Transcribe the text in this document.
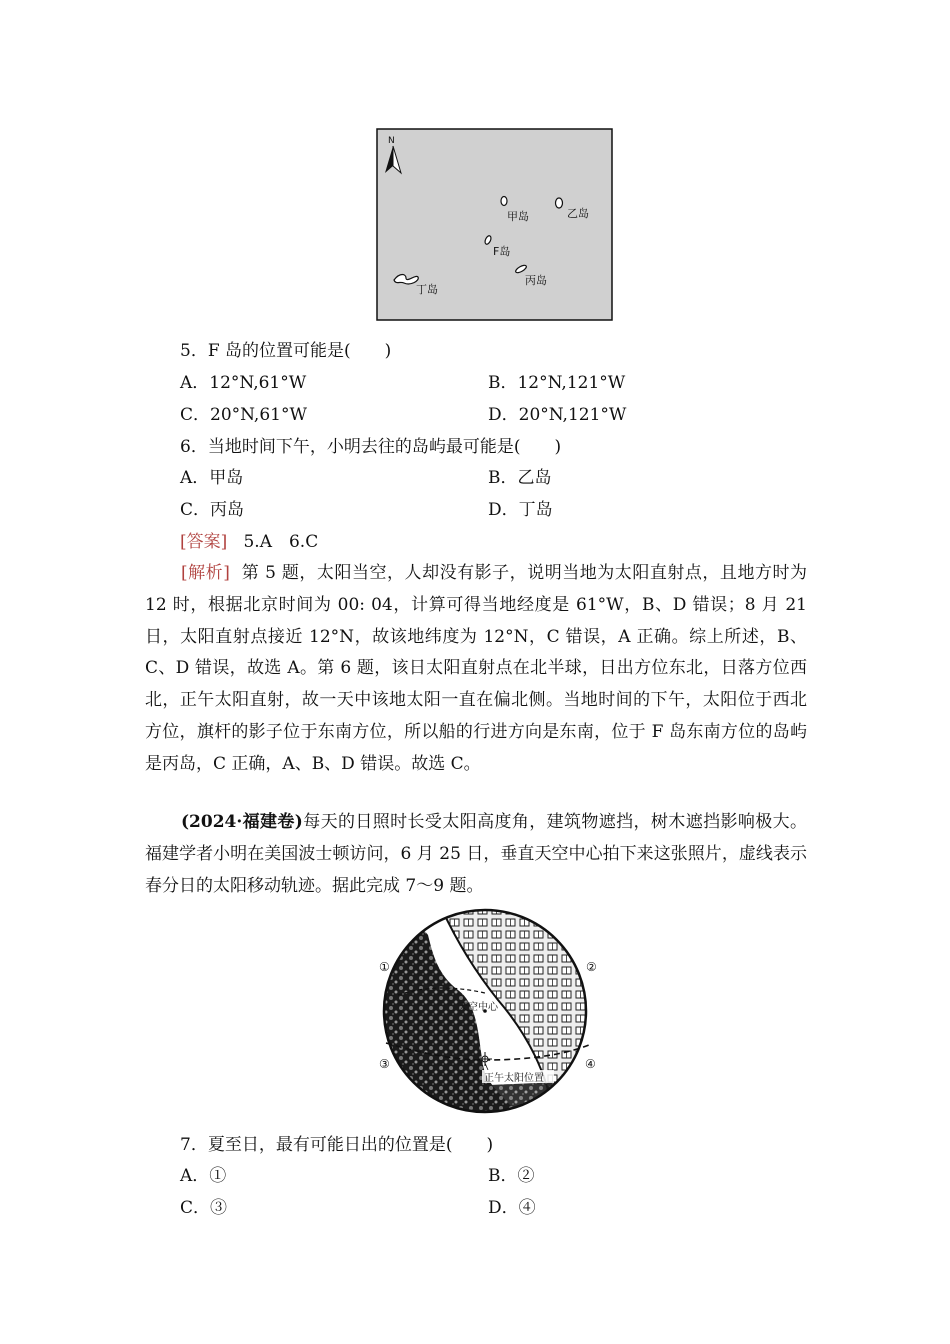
N
甲岛	乙岛
F岛
丙岛
丁岛
5．F 岛的位置可能是(　　)
A．12°N,61°W	B．12°N,121°W
C．20°N,61°W	D．20°N,121°W
6．当地时间下午，小明去往的岛屿最可能是(　　)
A．甲岛	B．乙岛
C．丙岛	D．丁岛
[答案] 5.A　6.C
[解析] 第 5 题，太阳当空，人却没有影子，说明当地为太阳直射点，且地方时为 12 时，根据北京时间为 00: 04，计算可得当地经度是 61°W，B、D 错误；8 月 21 日，太阳直射点接近 12°N，故该地纬度为 12°N，C 错误，A 正确。综上所述，B、C、D 错误，故选 A。第 6 题，该日太阳直射点在北半球，日出方位东北，日落方位西北，正午太阳直射，故一天中该地太阳一直在偏北侧。当地时间的下午，太阳位于西北方位，旗杆的影子位于东南方位，所以船的行进方向是东南，位于 F 岛东南方位的岛屿是丙岛，C 正确，A、B、D 错误。故选 C。
(2024·福建卷)每天的日照时长受太阳高度角，建筑物遮挡，树木遮挡影响极大。福建学者小明在美国波士顿访问，6 月 25 日，垂直天空中心拍下来这张照片，虚线表示春分日的太阳移动轨迹。据此完成 7～9 题。
天空中心
正午太阳位置
①	②
③	④
7．夏至日，最有可能日出的位置是(　　)
A．①	B．②
C．③	D．④
